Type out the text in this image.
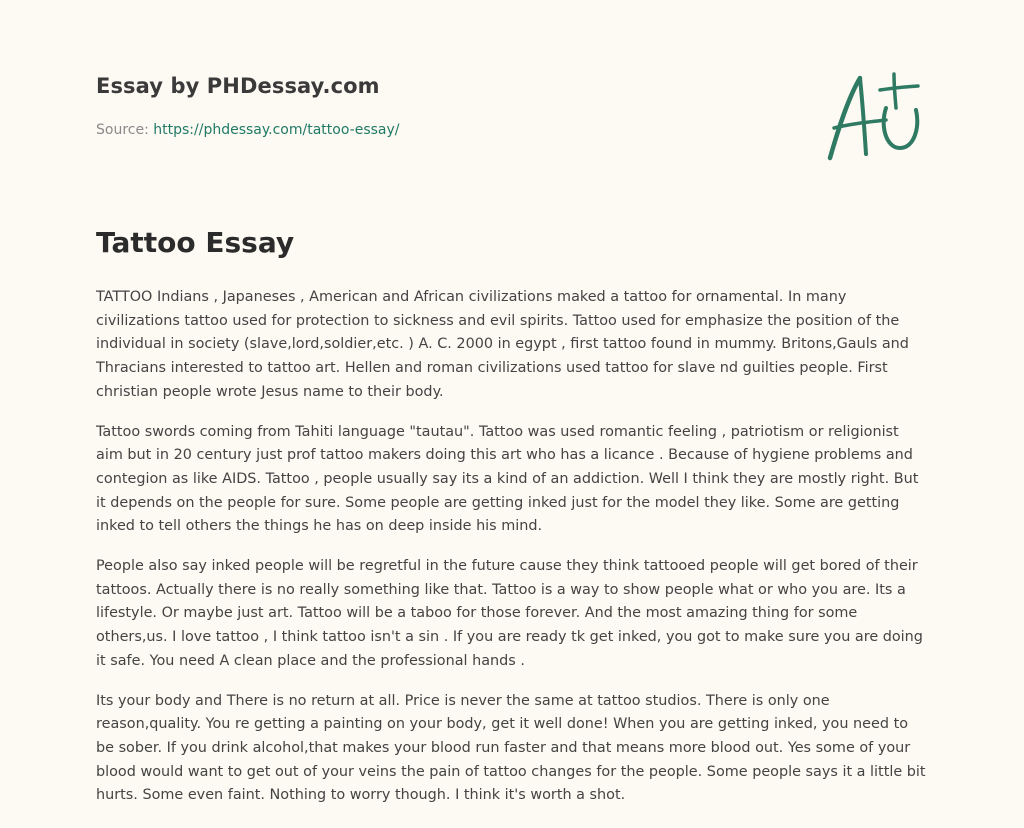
Essay by PHDessay.com
Source: https://phdessay.com/tattoo-essay/
Tattoo Essay

TATTOO Indians , Japaneses , American and African civilizations maked a tattoo for ornamental. In many civilizations tattoo used for protection to sickness and evil spirits. Tattoo used for emphasize the position of the individual in society (slave,lord,soldier,etc. ) A. C. 2000 in egypt , first tattoo found in mummy. Britons,Gauls and Thracians interested to tattoo art. Hellen and roman civilizations used tattoo for slave nd guilties people. First christian people wrote Jesus name to their body.

Tattoo swords coming from Tahiti language "tautau". Tattoo was used romantic feeling , patriotism or religionist aim but in 20 century just prof tattoo makers doing this art who has a licance . Because of hygiene problems and contegion as like AIDS. Tattoo , people usually say its a kind of an addiction. Well I think they are mostly right. But it depends on the people for sure. Some people are getting inked just for the model they like. Some are getting inked to tell others the things he has on deep inside his mind.

People also say inked people will be regretful in the future cause they think tattooed people will get bored of their tattoos. Actually there is no really something like that. Tattoo is a way to show people what or who you are. Its a lifestyle. Or maybe just art. Tattoo will be a taboo for those forever. And the most amazing thing for some others,us. I love tattoo , I think tattoo isn't a sin . If you are ready tk get inked, you got to make sure you are doing it safe. You need A clean place and the professional hands .

Its your body and There is no return at all. Price is never the same at tattoo studios. There is only one reason,quality. You re getting a painting on your body, get it well done! When you are getting inked, you need to be sober. If you drink alcohol,that makes your blood run faster and that means more blood out. Yes some of your blood would want to get out of your veins the pain of tattoo changes for the people. Some people says it a little bit hurts. Some even faint. Nothing to worry though. I think it's worth a shot.
